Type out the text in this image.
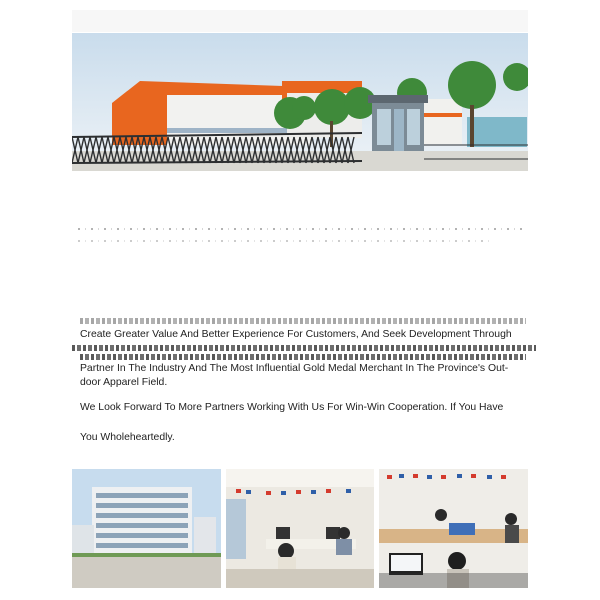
Create Greater Value And Better Experience For Customers, And Seek Development Through

Partner In The Industry And The Most Influential Gold Medal Merchant In The Province's Out-door Apparel Field.

We Look Forward To More Partners Working With Us For Win-Win Cooperation. If You Have

You Wholeheartedly.
